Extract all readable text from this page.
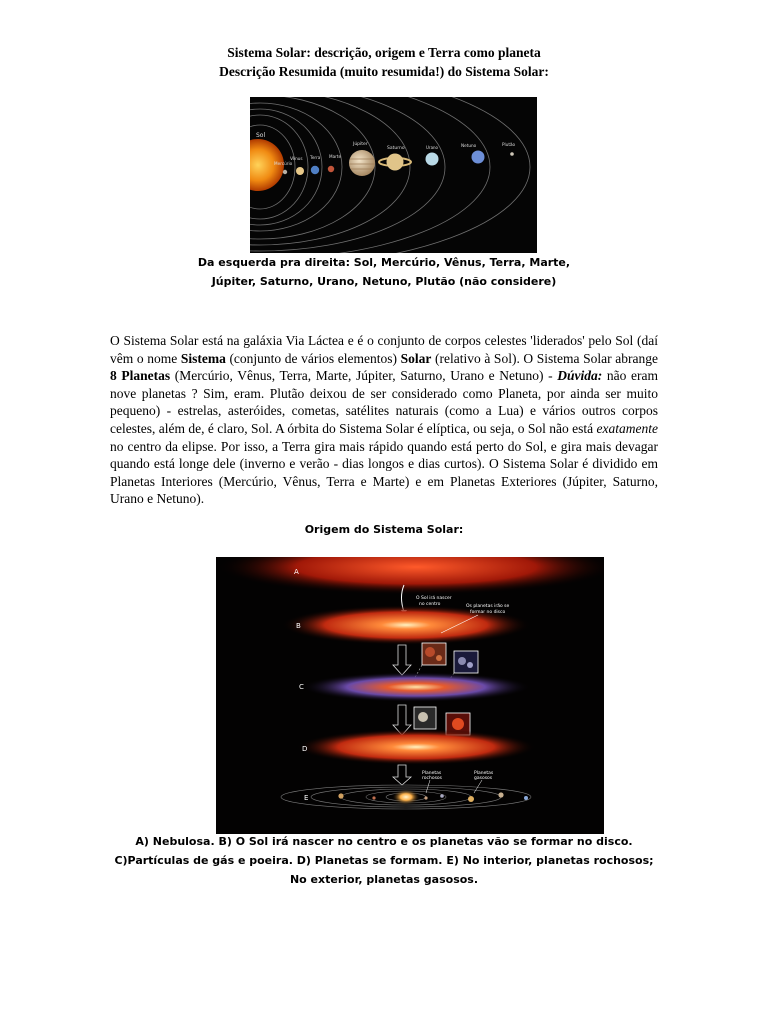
Sistema Solar: descrição, origem e Terra como planeta
Descrição Resumida (muito resumida!) do Sistema Solar:
Sol
Mercúrio
Vênus Terra Marte
Júpiter
Saturno	Urano	Netuno	Plutão
Da esquerda pra direita: Sol, Mercúrio, Vênus, Terra, Marte,
Júpiter, Saturno, Urano, Netuno, Plutão (não considere)
O Sistema Solar está na galáxia Via Láctea e é o conjunto de corpos celestes 'liderados' pelo Sol (daí vêm o nome Sistema (conjunto de vários elementos) Solar (relativo à Sol). O Sistema Solar abrange 8 Planetas (Mercúrio, Vênus, Terra, Marte, Júpiter, Saturno, Urano e Netuno) - Dúvida: não eram nove planetas ? Sim, eram. Plutão deixou de ser considerado como Planeta, por ainda ser muito pequeno) - estrelas, asteróides, cometas, satélites naturais (como a Lua) e vários outros corpos celestes, além de, é claro, Sol. A órbita do Sistema Solar é elíptica, ou seja, o Sol não está exatamente no centro da elipse. Por isso, a Terra gira mais rápido quando está perto do Sol, e gira mais devagar quando está longe dele (inverno e verão - dias longos e dias curtos). O Sistema Solar é dividido em Planetas Interiores (Mercúrio, Vênus, Terra e Marte) e em Planetas Exteriores (Júpiter, Saturno, Urano e Netuno).
Origem do Sistema Solar:
A
B
O Sol irá nascer
no centro	Os planetas irão se
formar no disco
C
D
Planetas
rochosos
Planetas
gasosos
E
A) Nebulosa. B) O Sol irá nascer no centro e os planetas vão se formar no disco.
C)Partículas de gás e poeira. D) Planetas se formam. E) No interior, planetas rochosos;
No exterior, planetas gasosos.
